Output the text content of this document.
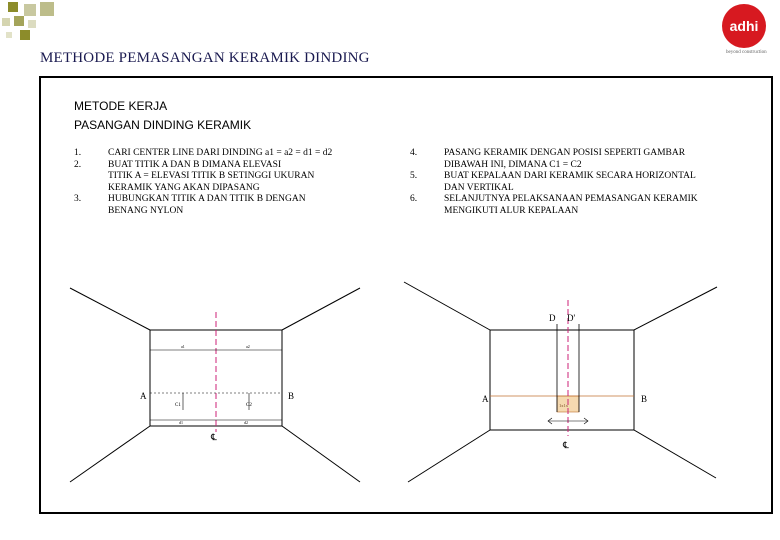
METHODE PEMASANGAN KERAMIK DINDING
adhi
beyond construction
METODE KERJA
PASANGAN DINDING KERAMIK
1.	CARI CENTER LINE DARI DINDING a1 = a2 = d1 = d2
2.	BUAT TITIK A DAN B DIMANA ELEVASI
TITIK A = ELEVASI TITIK B SETINGGI UKURAN
KERAMIK YANG AKAN DIPASANG
3.	HUBUNGKAN TITIK A DAN TITIK B DENGAN
BENANG NYLON
4.	PASANG KERAMIK DENGAN POSISI SEPERTI GAMBAR
DIBAWAH INI, DIMANA C1 = C2
5.	BUAT KEPALAAN DARI KERAMIK SECARA HORIZONTAL
DAN VERTIKAL
6.	SELANJUTNYA PELAKSANAAN PEMASANGAN KERAMIK
MENGIKUTI ALUR KEPALAAN
A	B
a1	a2
d1	d2
C1	C2
℄
A	B
D D'
1x1x
℄
